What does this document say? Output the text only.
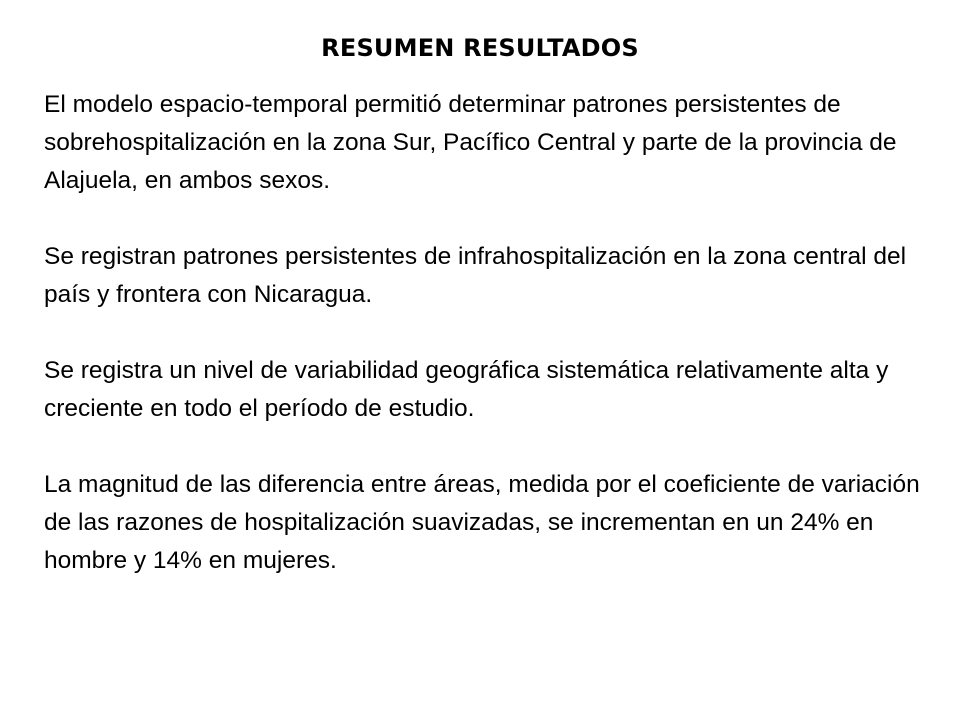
RESUMEN RESULTADOS

El modelo espacio-temporal permitió determinar patrones persistentes de sobrehospitalización en la zona Sur, Pacífico Central y parte de la provincia de Alajuela, en ambos sexos.

Se registran patrones persistentes de infrahospitalización en la zona central del país y frontera con Nicaragua.

Se registra un nivel de variabilidad geográfica sistemática relativamente alta y creciente en todo el período de estudio.

La magnitud de las diferencia entre áreas, medida por el coeficiente de variación de las razones de hospitalización suavizadas, se incrementan en un 24% en hombre y 14% en mujeres.
